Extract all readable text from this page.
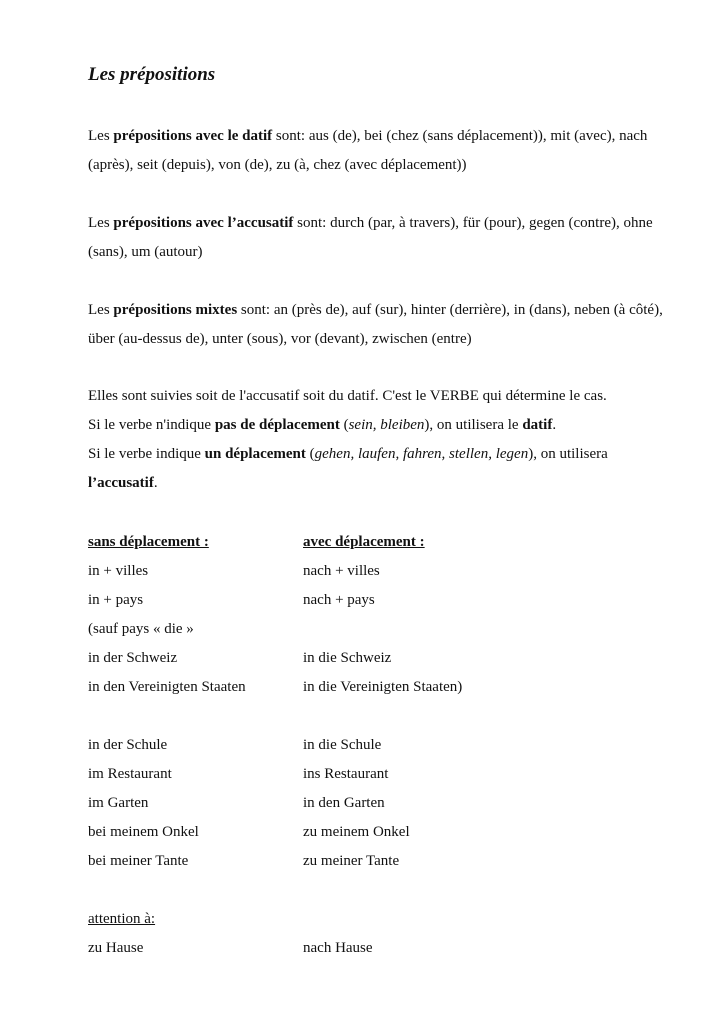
Les prépositions
Les prépositions avec le datif sont: aus (de), bei (chez (sans déplacement)), mit (avec), nach (après), seit (depuis), von (de), zu (à, chez (avec déplacement))
Les prépositions avec l’accusatif sont: durch (par, à travers), für (pour), gegen (contre), ohne (sans), um (autour)
Les prépositions mixtes sont: an (près de), auf (sur), hinter (derrière), in (dans), neben (à côté), über (au-dessus de), unter (sous), vor (devant), zwischen (entre)
Elles sont suivies soit de l'accusatif soit du datif. C'est le VERBE qui détermine le cas.
Si le verbe n'indique pas de déplacement (sein, bleiben), on utilisera le datif.
Si le verbe indique un déplacement (gehen, laufen, fahren, stellen, legen), on utilisera l’accusatif.
sans déplacement :	avec déplacement :
in + villes	nach + villes
in + pays	nach + pays
(sauf pays « die »
in der Schweiz	in die Schweiz
in den Vereinigten Staaten	in die Vereinigten Staaten)
in der Schule	in die Schule
im Restaurant	ins Restaurant
im Garten	in den Garten
bei meinem Onkel	zu meinem Onkel
bei meiner Tante	zu meiner Tante
attention à:
zu Hause	nach Hause
